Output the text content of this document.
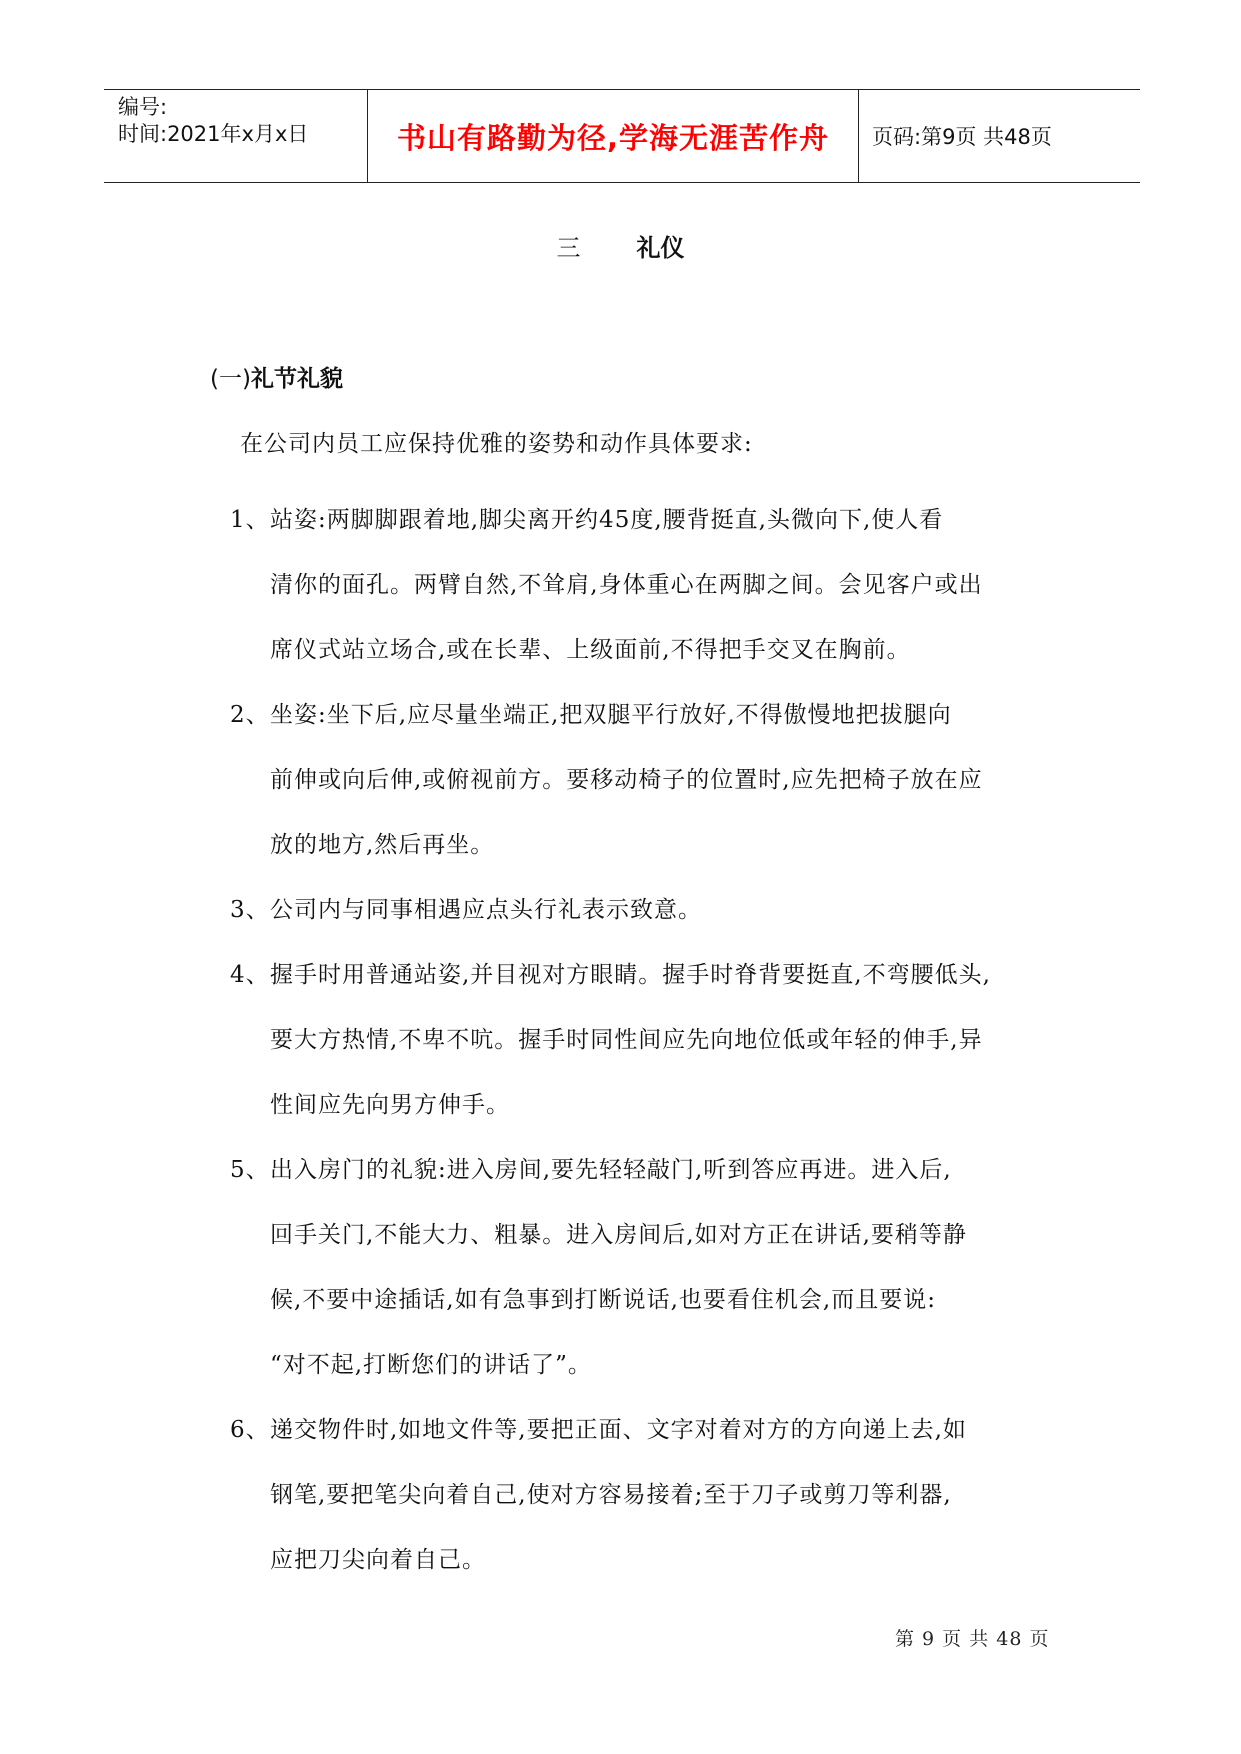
编号:
时间:2021年x月x日	书山有路勤为径,学海无涯苦作舟	页码:第9页 共48页
三 礼仪
(一)礼节礼貌
在公司内员工应保持优雅的姿势和动作具体要求:
1、 站姿:两脚脚跟着地,脚尖离开约45度,腰背挺直,头微向下,使人看
清你的面孔。两臂自然,不耸肩,身体重心在两脚之间。会见客户或出
席仪式站立场合,或在长辈、上级面前,不得把手交叉在胸前。
2、 坐姿:坐下后,应尽量坐端正,把双腿平行放好,不得傲慢地把拔腿向
前伸或向后伸,或俯视前方。要移动椅子的位置时,应先把椅子放在应
放的地方,然后再坐。
3、 公司内与同事相遇应点头行礼表示致意。
4、 握手时用普通站姿,并目视对方眼睛。握手时脊背要挺直,不弯腰低头,
要大方热情,不卑不吭。握手时同性间应先向地位低或年轻的伸手,异
性间应先向男方伸手。
5、 出入房门的礼貌:进入房间,要先轻轻敲门,听到答应再进。进入后,
回手关门,不能大力、粗暴。进入房间后,如对方正在讲话,要稍等静
候,不要中途插话,如有急事到打断说话,也要看住机会,而且要说:
“对不起,打断您们的讲话了”。
6、 递交物件时,如地文件等,要把正面、文字对着对方的方向递上去,如
钢笔,要把笔尖向着自己,使对方容易接着;至于刀子或剪刀等利器,
应把刀尖向着自己。
第 9 页 共 48 页
